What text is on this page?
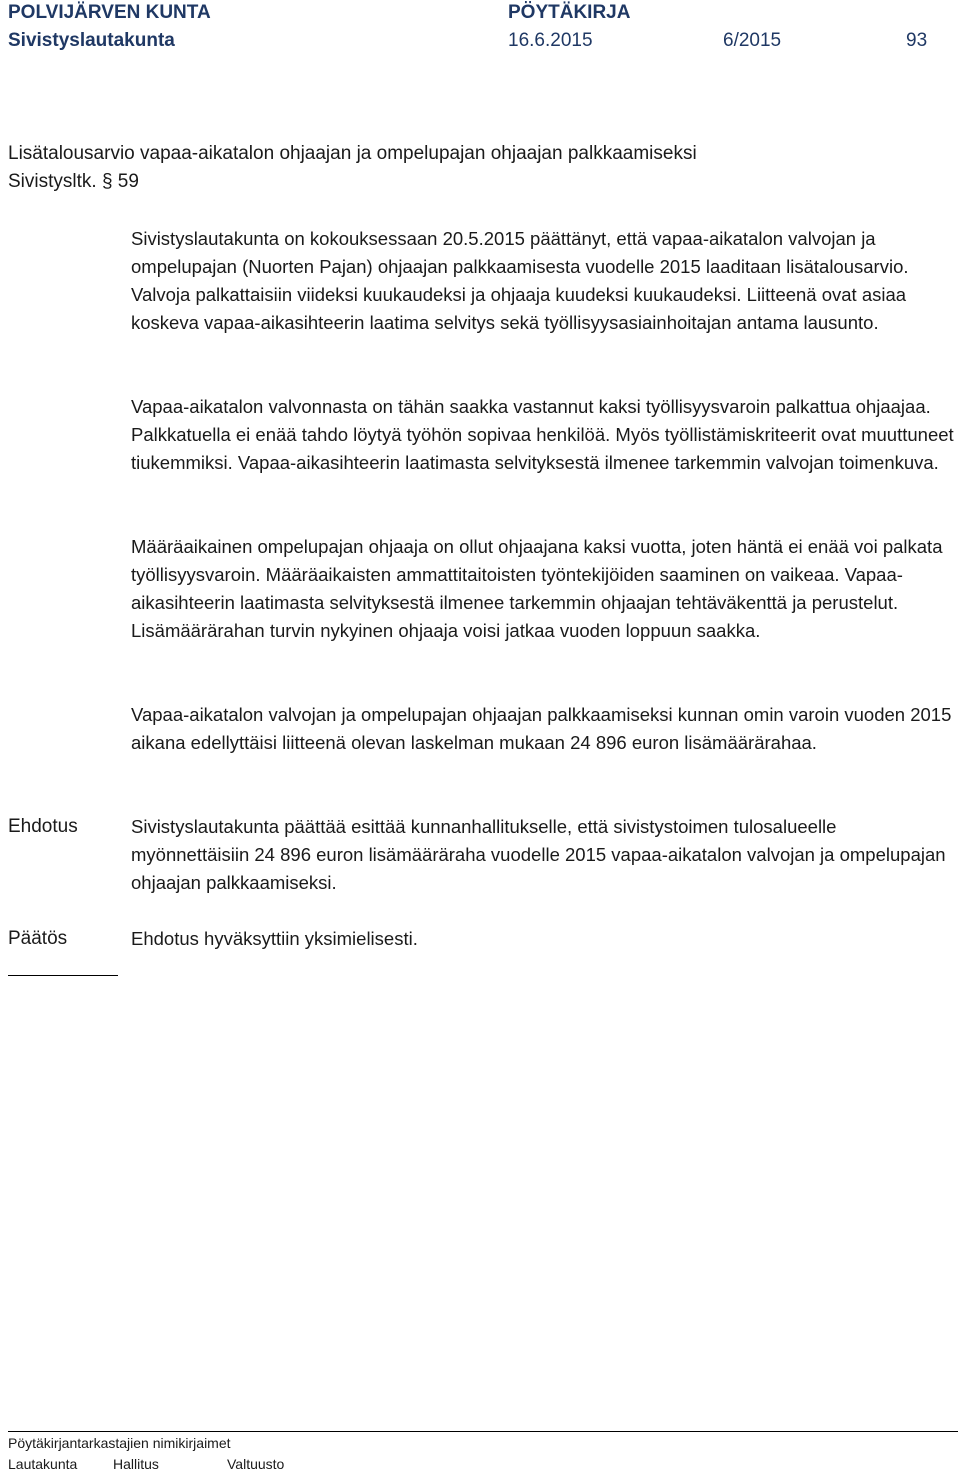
POLVIJÄRVEN KUNTA	PÖYTÄKIRJA
Sivistyslautakunta	16.6.2015	6/2015	93
Lisätalousarvio vapaa-aikatalon ohjaajan ja ompelupajan ohjaajan palkkaamiseksi
Sivistysltk. § 59
Sivistyslautakunta on kokouksessaan 20.5.2015 päättänyt, että vapaa-aikatalon valvojan ja ompelupajan (Nuorten Pajan) ohjaajan palkkaamisesta vuodelle 2015 laaditaan lisätalousarvio. Valvoja palkattaisiin viideksi kuukaudeksi ja ohjaaja kuudeksi kuukaudeksi. Liitteenä ovat asiaa koskeva vapaa-aikasihteerin laatima selvitys sekä työllisyysasiainhoitajan antama lausunto.
Vapaa-aikatalon valvonnasta on tähän saakka vastannut kaksi työllisyysvaroin palkattua ohjaajaa. Palkkatuella ei enää tahdo löytyä työhön sopivaa henkilöä. Myös työllistämiskriteerit ovat muuttuneet tiukemmiksi. Vapaa-aikasihteerin laatimasta selvityksestä ilmenee tarkemmin valvojan toimenkuva.
Määräaikainen ompelupajan ohjaaja on ollut ohjaajana kaksi vuotta, joten häntä ei enää voi palkata työllisyysvaroin. Määräaikaisten ammattitaitoisten työntekijöiden saaminen on vaikeaa. Vapaa-aikasihteerin laatimasta selvityksestä ilmenee tarkemmin ohjaajan tehtäväkenttä ja perustelut. Lisämäärärahan turvin nykyinen ohjaaja voisi jatkaa vuoden loppuun saakka.
Vapaa-aikatalon valvojan ja ompelupajan ohjaajan palkkaamiseksi kunnan omin varoin vuoden 2015 aikana edellyttäisi liitteenä olevan laskelman mukaan 24 896 euron lisämäärärahaa.
Ehdotus	Sivistyslautakunta päättää esittää kunnanhallitukselle, että sivistystoimen tulosalueelle myönnettäisiin 24 896 euron lisämääräraha vuodelle 2015 vapaa-aikatalon valvojan ja ompelupajan ohjaajan palkkaamiseksi.
Päätös	Ehdotus hyväksyttiin yksimielisesti.
Pöytäkirjantarkastajien nimikirjaimet
Lautakunta	Hallitus	Valtuusto
